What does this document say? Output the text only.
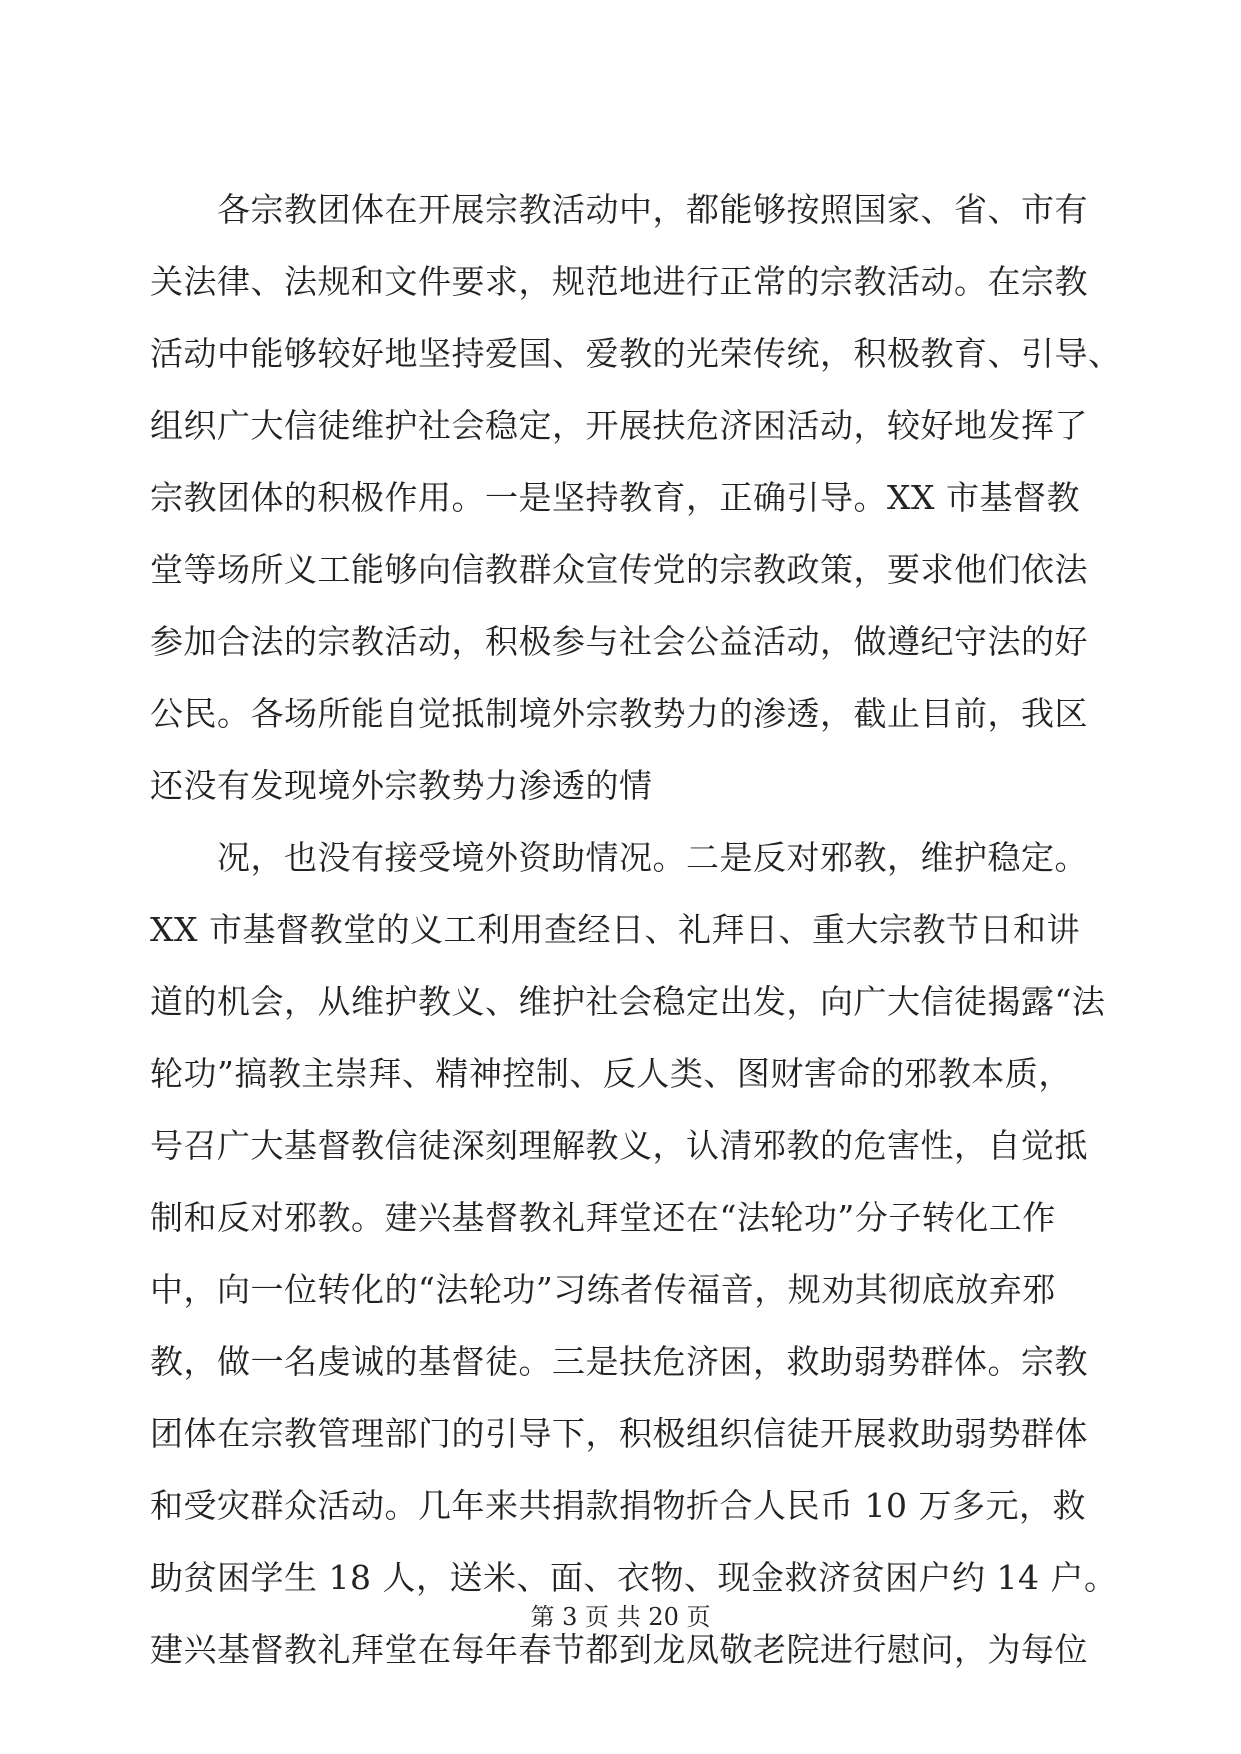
　　各宗教团体在开展宗教活动中，都能够按照国家、省、市有
关法律、法规和文件要求，规范地进行正常的宗教活动。在宗教
活动中能够较好地坚持爱国、爱教的光荣传统，积极教育、引导、
组织广大信徒维护社会稳定，开展扶危济困活动，较好地发挥了
宗教团体的积极作用。一是坚持教育，正确引导。XX 市基督教
堂等场所义工能够向信教群众宣传党的宗教政策，要求他们依法
参加合法的宗教活动，积极参与社会公益活动，做遵纪守法的好
公民。各场所能自觉抵制境外宗教势力的渗透，截止目前，我区
还没有发现境外宗教势力渗透的情
　　况，也没有接受境外资助情况。二是反对邪教，维护稳定。
XX 市基督教堂的义工利用查经日、礼拜日、重大宗教节日和讲
道的机会，从维护教义、维护社会稳定出发，向广大信徒揭露“法
轮功”搞教主崇拜、精神控制、反人类、图财害命的邪教本质，
号召广大基督教信徒深刻理解教义，认清邪教的危害性，自觉抵
制和反对邪教。建兴基督教礼拜堂还在“法轮功”分子转化工作
中，向一位转化的“法轮功”习练者传福音，规劝其彻底放弃邪
教，做一名虔诚的基督徒。三是扶危济困，救助弱势群体。宗教
团体在宗教管理部门的引导下，积极组织信徒开展救助弱势群体
和受灾群众活动。几年来共捐款捐物折合人民币 10 万多元，救
助贫困学生 18 人，送米、面、衣物、现金救济贫困户约 14 户。
建兴基督教礼拜堂在每年春节都到龙凤敬老院进行慰问，为每位
第 3 页 共 20 页
